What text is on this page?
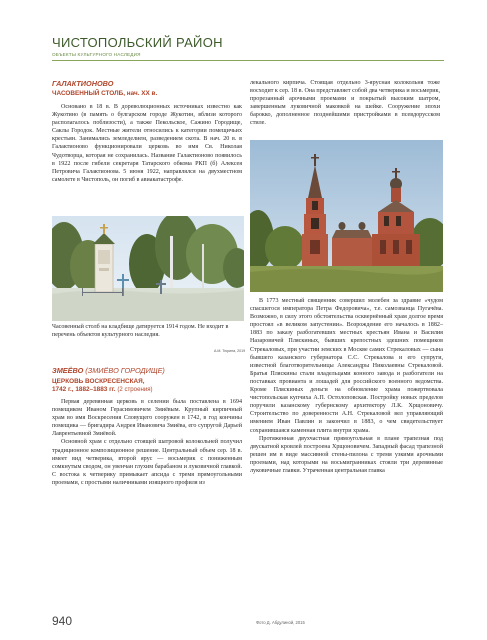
ЧИСТОПОЛЬСКИЙ РАЙОН
ОБЪЕКТЫ КУЛЬТУРНОГО НАСЛЕДИЯ
ГАЛАКТИОНОВО
ЧАСОВЕННЫЙ СТОЛБ, нач. XX в.

Основано в 18 в. В дореволюционных источниках известно как Жукотино (в память о булгарском городе Жукотин, вблизи которого располагалось поблизости), а также Пекольское, Сажино Городище, Саклы Городок. Местные жители относились к категории помещичьих крестьян. Занимались земледелием, разведением скота. В нач. 20 в. в Галактионово функционировали церковь во имя Св. Николая Чудотворца, которая не сохранилась. Название Галактионово появилось в 1922 после гибели секретаря Татарского обкома РКП (б) Алексея Петровича Галактионова. 5 июня 1922, направлялся на двухместном самолете в Чистополь, он погиб в авиакатастрофе.

Часовенный столб на кладбище датируется 1914 годом. Не входит в перечень объектов культурного наследия.
А.М. Тюрина, 2019
ЗМЕЁВО (ЗМИЁВО ГОРОДИЩЕ)
ЦЕРКОВЬ ВОСКРЕСЕНСКАЯ,
1742 г., 1882–1883 гг. (2 строения)

Первая деревянная церковь в селении была поставлена в 1694 помещиком Иваном Герасимовичем Змиёвым. Крупный кирпичный храм во имя Воскресения Словущего сооружен в 1742, в год кончины помещика — бригадира Андрея Ивановича Змиёва, его супругой Дарьей Лаврентьевной Змиёвой.

Основной храм с отдельно стоящей шатровой колокольней получил традиционное композиционное решение. Центральный объем сер. 18 в. имеет вид четверика, второй ярус — восьмерик с пониженным сомкнутым сводом, он увенчан глухим барабаном и луковичной главкой. С востока к четверику примыкает апсида с тремя прямоугольными проемами, с простыми наличниками изящного профиля из

лекального кирпича. Стоящая отдельно 3-ярусная колокольня тоже восходит к сер. 18 в. Она представляет собой два четверика и восьмерик, прорезанный арочными проемами и покрытый высоким шатром, завершенным луковичной маковкой на шейке. Сооружение эпохи барокко, дополненное позднейшими пристройками в псевдорусском стиле.

В 1773 местный священник совершил молебен за здравие «чудом спасшегося императора Петра Федоровича», т.е. самозванца Пугачёва. Возможно, в силу этого обстоятельства осквернённый храм долгое время простоял «в великом запустении». Возрождение его началось в 1882–1883 по заказу разбогатевших местных крестьян Ивана и Василия Назаровичей Пляскиных, бывших крепостных здешних помещиков Стрекаловых, при участии земских в Москве самих Стрекаловых — сына бывшего казанского губернатора С.С. Стрекалова и его супруги, известной благотворительницы Александры Николаевны Стрекаловой. Братья Пляскины стали владельцами конного завода и разбогатели на поставках провианта и лошадей для российского военного ведомства. Кроме Пляскиных деньги на обновление храма пожертвовала чистопольская купчиха А.П. Остолоповская. Постройку новых пределов поручили казанскому губернскому архитектору Л.К. Хрщоновичу. Строительство по доверенности А.Н. Стрекаловой вел управляющий имением Иван Павлин и закончил в 1883, о чем свидетельствует сохранившаяся каменная плита внутри храма.

Протяженная двухчастная прямоугольная в плане трапезная под двускатной кровлей построена Хрщоновичем. Западный фасад трапезной решен им в виде массивной стены-пилона с тремя узкими арочными проемами, над которыми на восьмигранниках стояли три деревянные луковичные главки. Утраченная центральная главка

940	Фото Д. Абдулиной, 2015
